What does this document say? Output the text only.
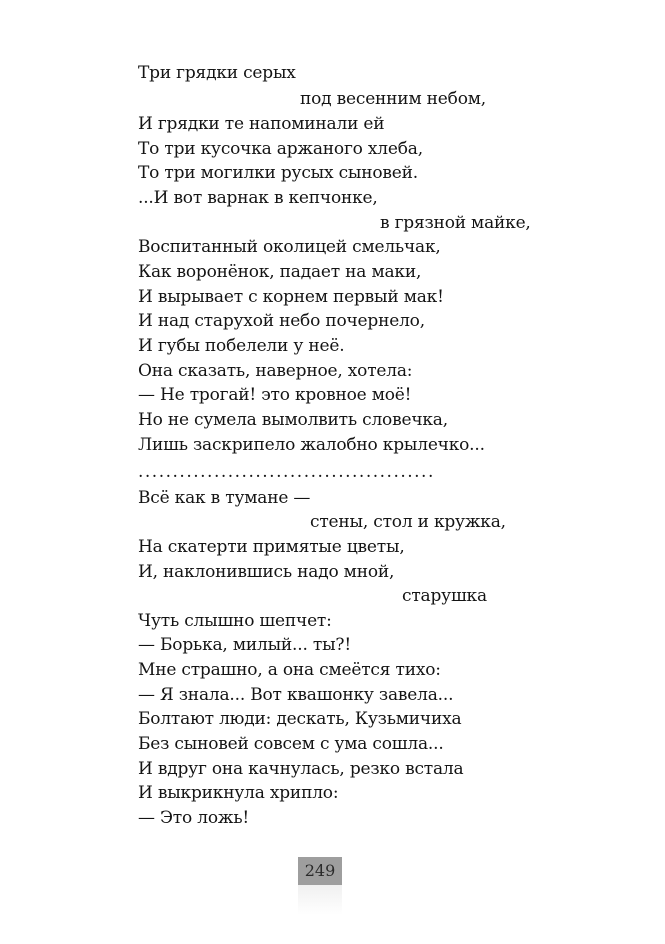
Три грядки серых
под весенним небом,
И грядки те напоминали ей
То три кусочка аржаного хлеба,
То три могилки русых сыновей.
...И вот варнак в кепчонке,
в грязной майке,
Воспитанный околицей смельчак,
Как воронёнок, падает на маки,
И вырывает с корнем первый мак!
И над старухой небо почернело,
И губы побелели у неё.
Она сказать, наверное, хотела:
— Не трогай! это кровное моё!
Но не сумела вымолвить словечка,
Лишь заскрипело жалобно крылечко...
...........................................
Всё как в тумане —
стены, стол и кружка,
На скатерти примятые цветы,
И, наклонившись надо мной,
старушка
Чуть слышно шепчет:
— Борька, милый... ты?!
Мне страшно, а она смеётся тихо:
— Я знала... Вот квашонку завела...
Болтают люди: дескать, Кузьмичиха
Без сыновей совсем с ума сошла...
И вдруг она качнулась, резко встала
И выкрикнула хрипло:
— Это ложь!
249
